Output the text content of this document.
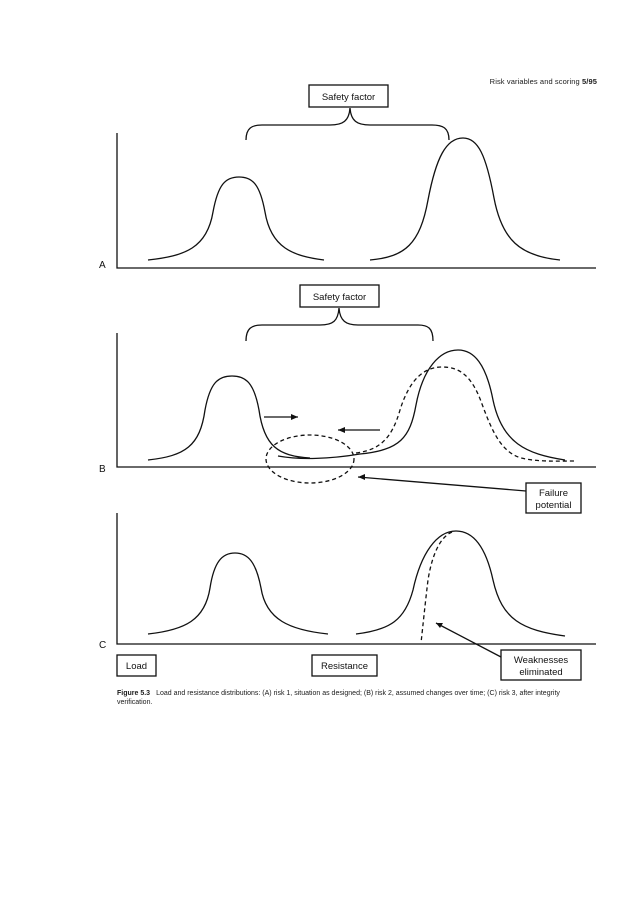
Risk variables and scoring 5/95
A
Safety factor
B
Safety factor
Failure
potential
C
Weaknesses
eliminated
Load	Resistance
Figure 5.3 Load and resistance distributions: (A) risk 1, situation as designed; (B) risk 2, assumed changes over time; (C) risk 3, after integrity verification.
